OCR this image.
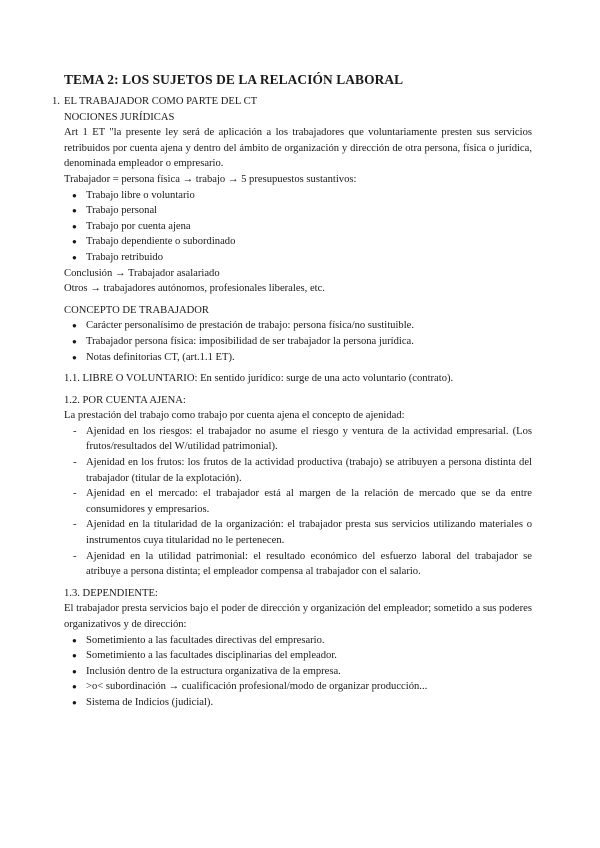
TEMA 2: LOS SUJETOS DE LA RELACIÓN LABORAL
1. EL TRABAJADOR COMO PARTE DEL CT

NOCIONES JURÍDICAS

Art 1 ET "la presente ley será de aplicación a los trabajadores que voluntariamente presten sus servicios retribuidos por cuenta ajena y dentro del ámbito de organización y dirección de otra persona, física o jurídica, denominada empleador o empresario.

Trabajador = persona física → trabajo → 5 presupuestos sustantivos:

● Trabajo libre o voluntario
● Trabajo personal
● Trabajo por cuenta ajena
● Trabajo dependiente o subordinado
● Trabajo retribuido

Conclusión → Trabajador asalariado

Otros → trabajadores autónomos, profesionales liberales, etc.

CONCEPTO DE TRABAJADOR

● Carácter personalísimo de prestación de trabajo: persona física/no sustituible.
● Trabajador persona física: imposibilidad de ser trabajador la persona jurídica.
● Notas definitorias CT, (art.1.1 ET).

1.1. LIBRE O VOLUNTARIO: En sentido jurídico: surge de una acto voluntario (contrato).

1.2. POR CUENTA AJENA:

La prestación del trabajo como trabajo por cuenta ajena el concepto de ajenidad:

- Ajenidad en los riesgos: el trabajador no asume el riesgo y ventura de la actividad empresarial. (Los frutos/resultados del W/utilidad patrimonial).
- Ajenidad en los frutos: los frutos de la actividad productiva (trabajo) se atribuyen a persona distinta del trabajador (titular de la explotación).
- Ajenidad en el mercado: el trabajador está al margen de la relación de mercado que se da entre consumidores y empresarios.
- Ajenidad en la titularidad de la organización: el trabajador presta sus servicios utilizando materiales o instrumentos cuya titularidad no le pertenecen.
- Ajenidad en la utilidad patrimonial: el resultado económico del esfuerzo laboral del trabajador se atribuye a persona distinta; el empleador compensa al trabajador con el salario.

1.3. DEPENDIENTE:

El trabajador presta servicios bajo el poder de dirección y organización del empleador; sometido a sus poderes organizativos y de dirección:

● Sometimiento a las facultades directivas del empresario.
● Sometimiento a las facultades disciplinarias del empleador.
● Inclusión dentro de la estructura organizativa de la empresa.
● >o< subordinación → cualificación profesional/modo de organizar producción...
● Sistema de Indicios (judicial).
